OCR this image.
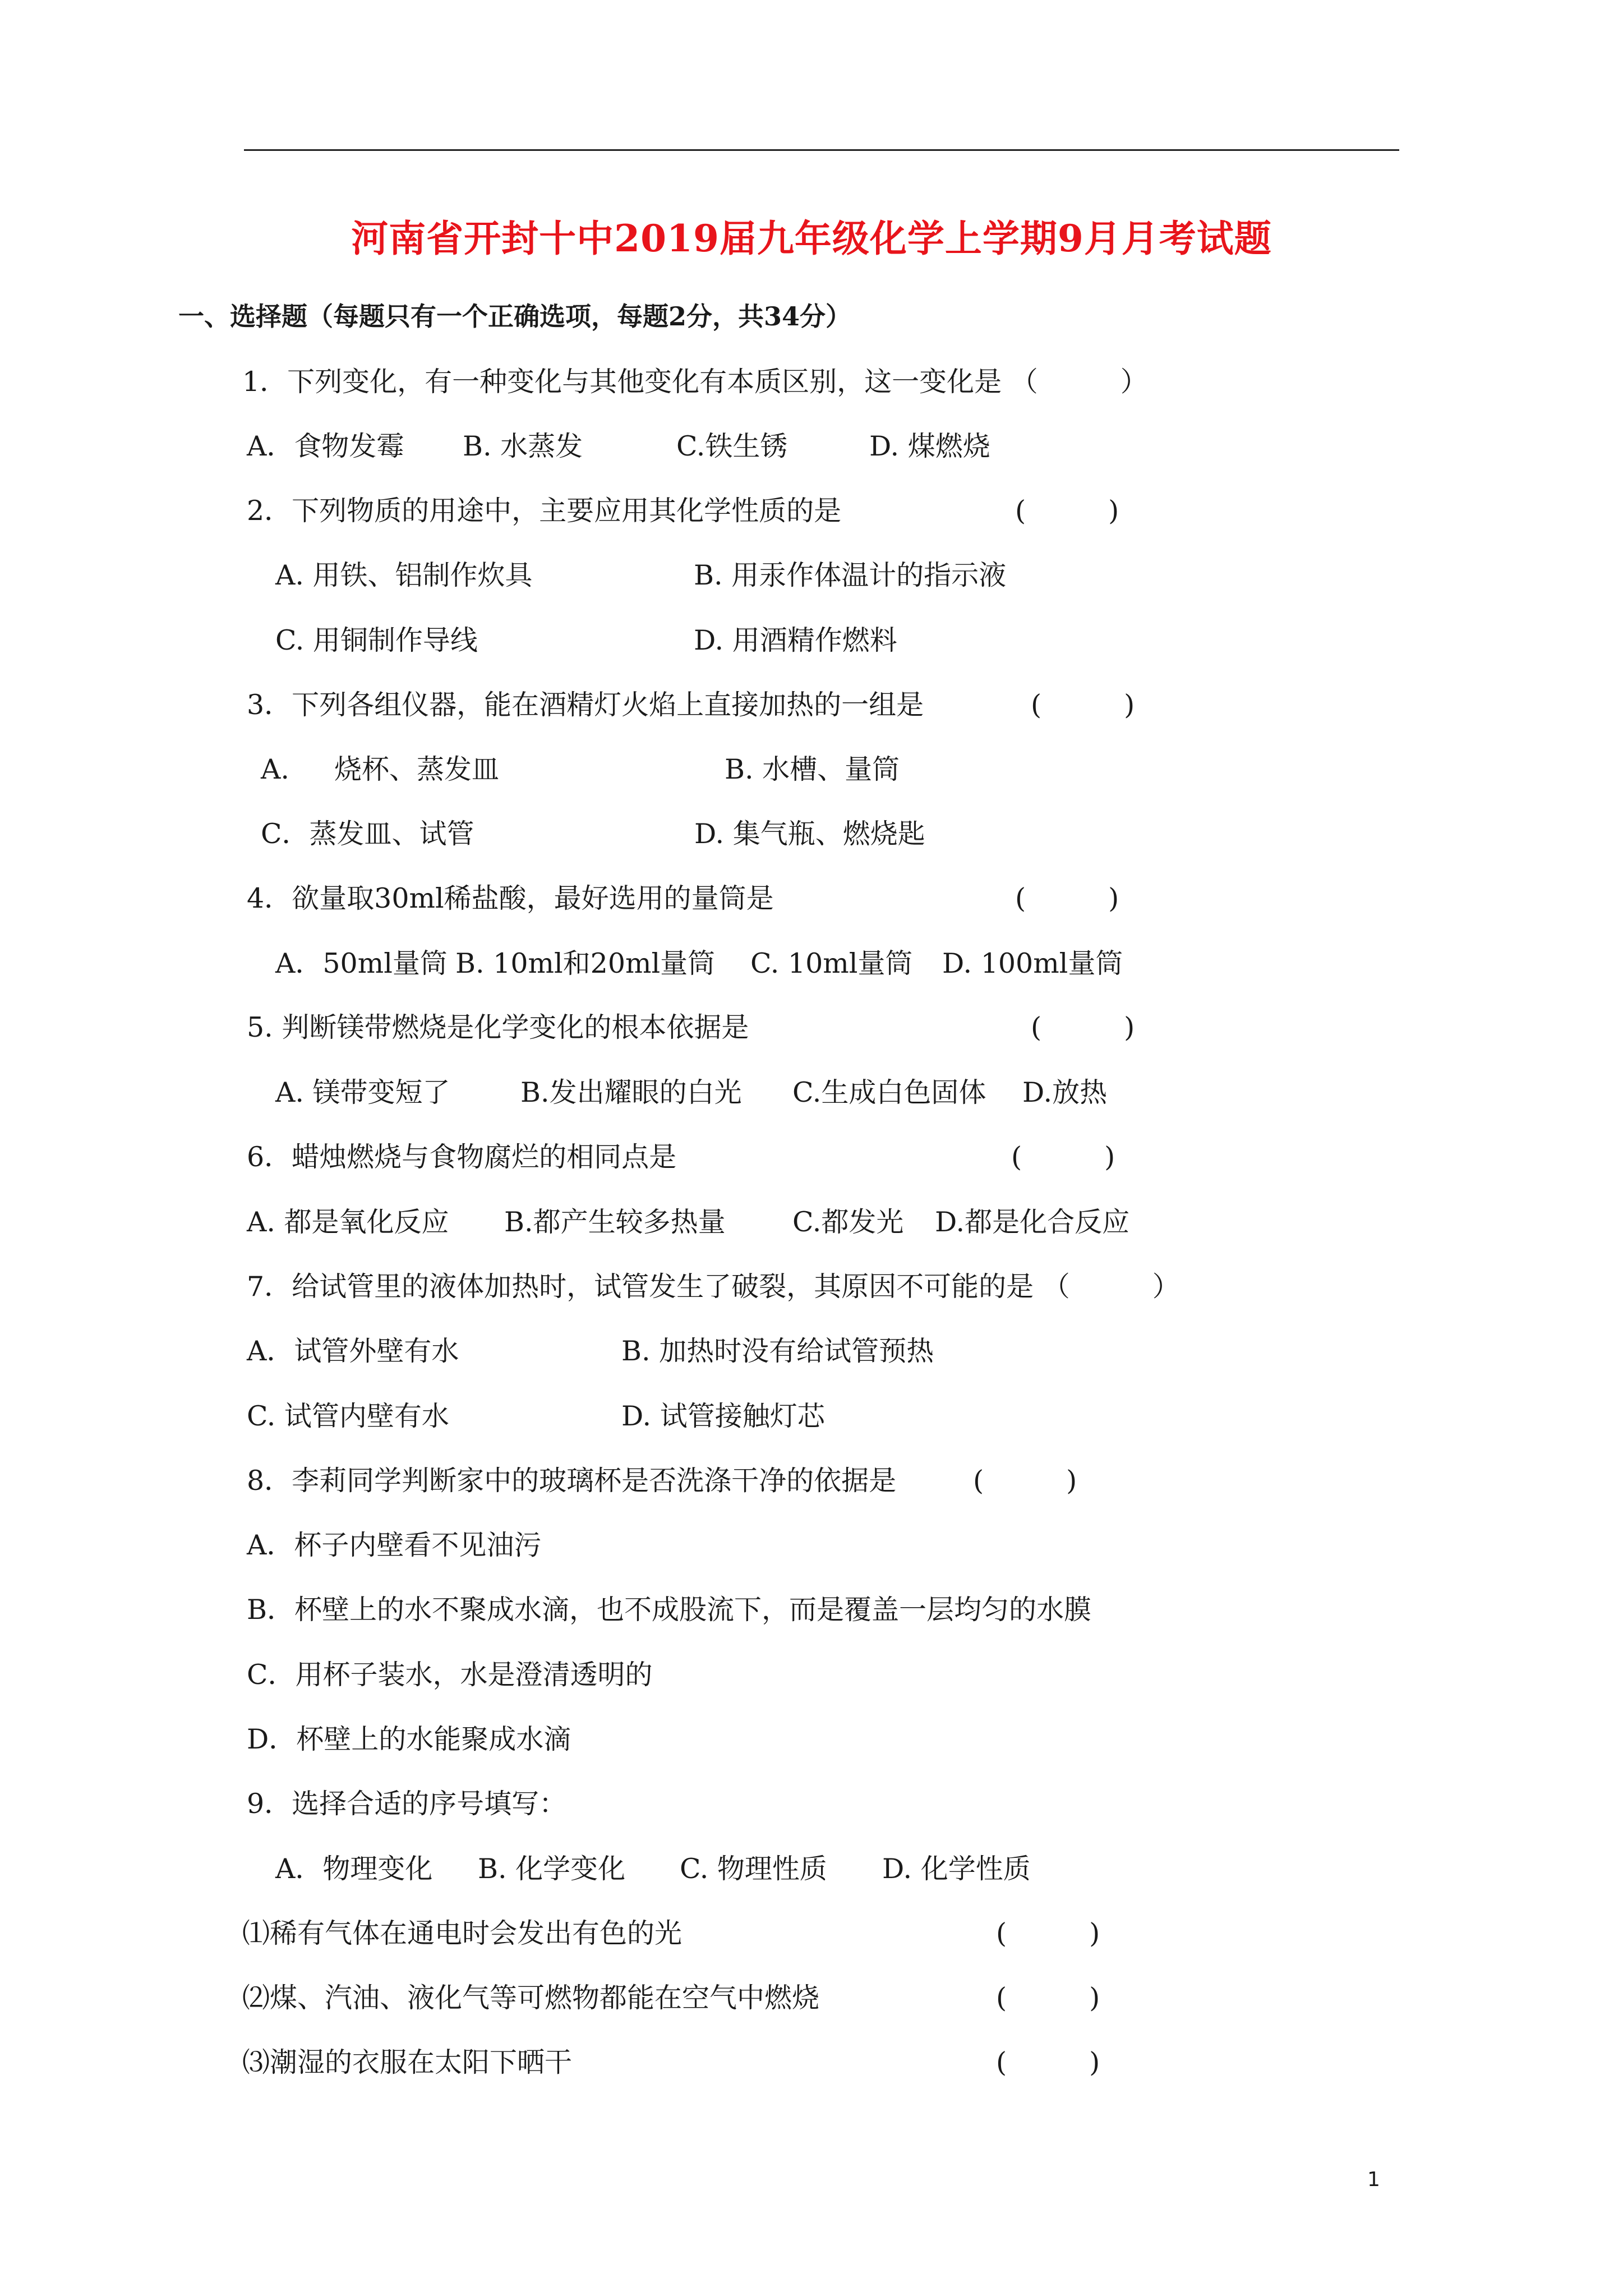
河南省开封十中2019届九年级化学上学期9月月考试题
一、选择题（每题只有一个正确选项，每题2分，共34分）
1．下列变化，有一种变化与其他变化有本质区别，这一变化是 （　　　）
A．食物发霉 B. 水蒸发	C.铁生锈	D. 煤燃烧
2．下列物质的用途中，主要应用其化学性质的是	(　　　)
A. 用铁、铝制作炊具	B. 用汞作体温计的指示液
C. 用铜制作导线	D. 用酒精作燃料
3．下列各组仪器，能在酒精灯火焰上直接加热的一组是	(　　　)
A. 烧杯、蒸发皿	B. 水槽、量筒
C．蒸发皿、试管	D. 集气瓶、燃烧匙
4．欲量取30ml稀盐酸，最好选用的量筒是	(　　　)
A．50ml量筒 B. 10ml和20ml量筒 C. 10ml量筒 D. 100ml量筒
5. 判断镁带燃烧是化学变化的根本依据是	(　　　)
A. 镁带变短了	B.发出耀眼的白光 C.生成白色固体 D.放热
6．蜡烛燃烧与食物腐烂的相同点是	(　　　)
A. 都是氧化反应 B.都产生较多热量 C.都发光 D.都是化合反应
7．给试管里的液体加热时，试管发生了破裂，其原因不可能的是 （　　　）
A．试管外壁有水	B. 加热时没有给试管预热
C. 试管内壁有水	D. 试管接触灯芯
8．李莉同学判断家中的玻璃杯是否洗涤干净的依据是	(　　　)
A．杯子内壁看不见油污
B．杯壁上的水不聚成水滴，也不成股流下，而是覆盖一层均匀的水膜
C．用杯子装水，水是澄清透明的
D．杯壁上的水能聚成水滴
9．选择合适的序号填写：
A．物理变化 B. 化学变化 C. 物理性质 D. 化学性质
⑴稀有气体在通电时会发出有色的光	(　　　)
⑵煤、汽油、液化气等可燃物都能在空气中燃烧	(　　　)
⑶潮湿的衣服在太阳下晒干	(　　　)
1
